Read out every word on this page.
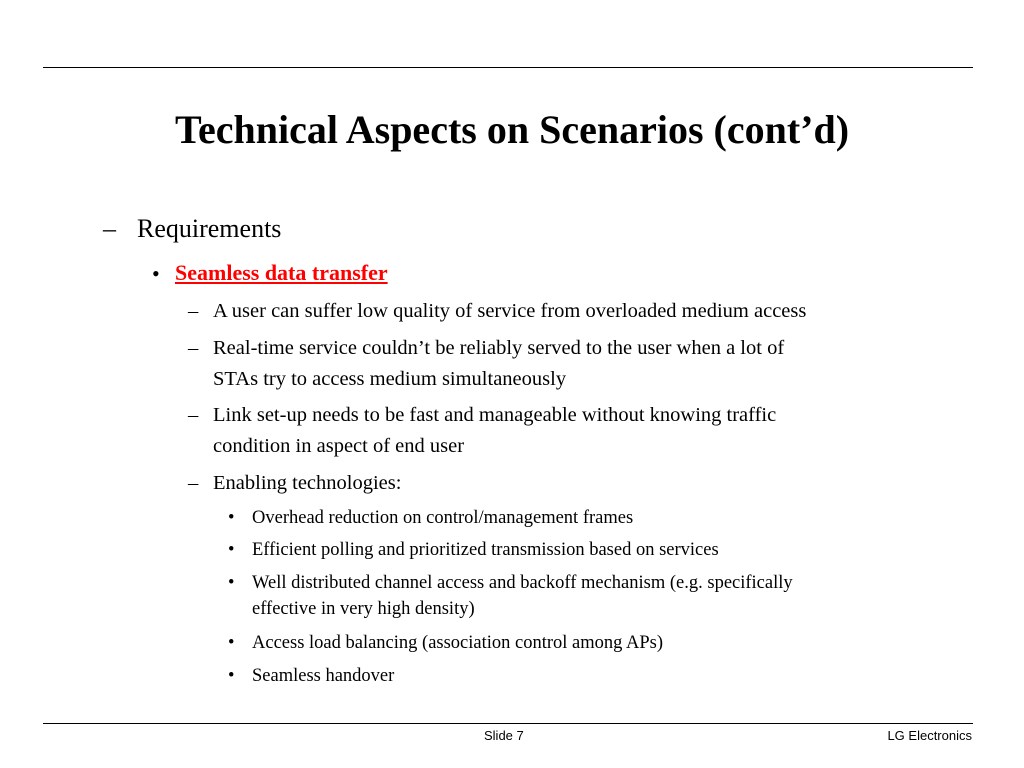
Technical Aspects on Scenarios (cont’d)
– Requirements
• Seamless data transfer
– A user can suffer low quality of service from overloaded medium access
– Real-time service couldn’t be reliably served to the user when a lot of
STAs try to access medium simultaneously
– Link set-up needs to be fast and manageable without knowing traffic
condition in aspect of end user
– Enabling technologies:
• Overhead reduction on control/management frames
• Efficient polling and prioritized transmission based on services
• Well distributed channel access and backoff mechanism (e.g. specifically
effective in very high density)
• Access load balancing (association control among APs)
• Seamless handover
Slide 7	LG Electronics
